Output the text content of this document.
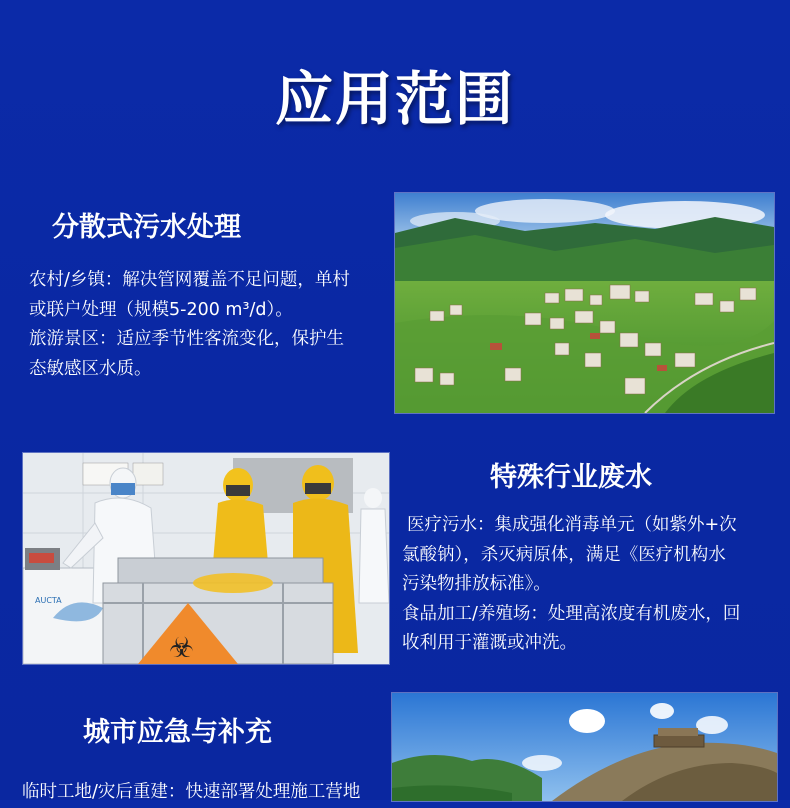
应用范围
分散式污水处理

农村/乡镇：解决管网覆盖不足问题，单村

或联户处理（规模5-200 m³/d）。

旅游景区：适应季节性客流变化，保护生

态敏感区水质。

AUCTA
☣
特殊行业废水

医疗污水：集成强化消毒单元（如紫外+次

氯酸钠），杀灭病原体，满足《医疗机构水

污染物排放标准》。

食品加工/养殖场：处理高浓度有机废水，回

收利用于灌溉或冲洗。

城市应急与补充

临时工地/灾后重建：快速部署处理施工营地
